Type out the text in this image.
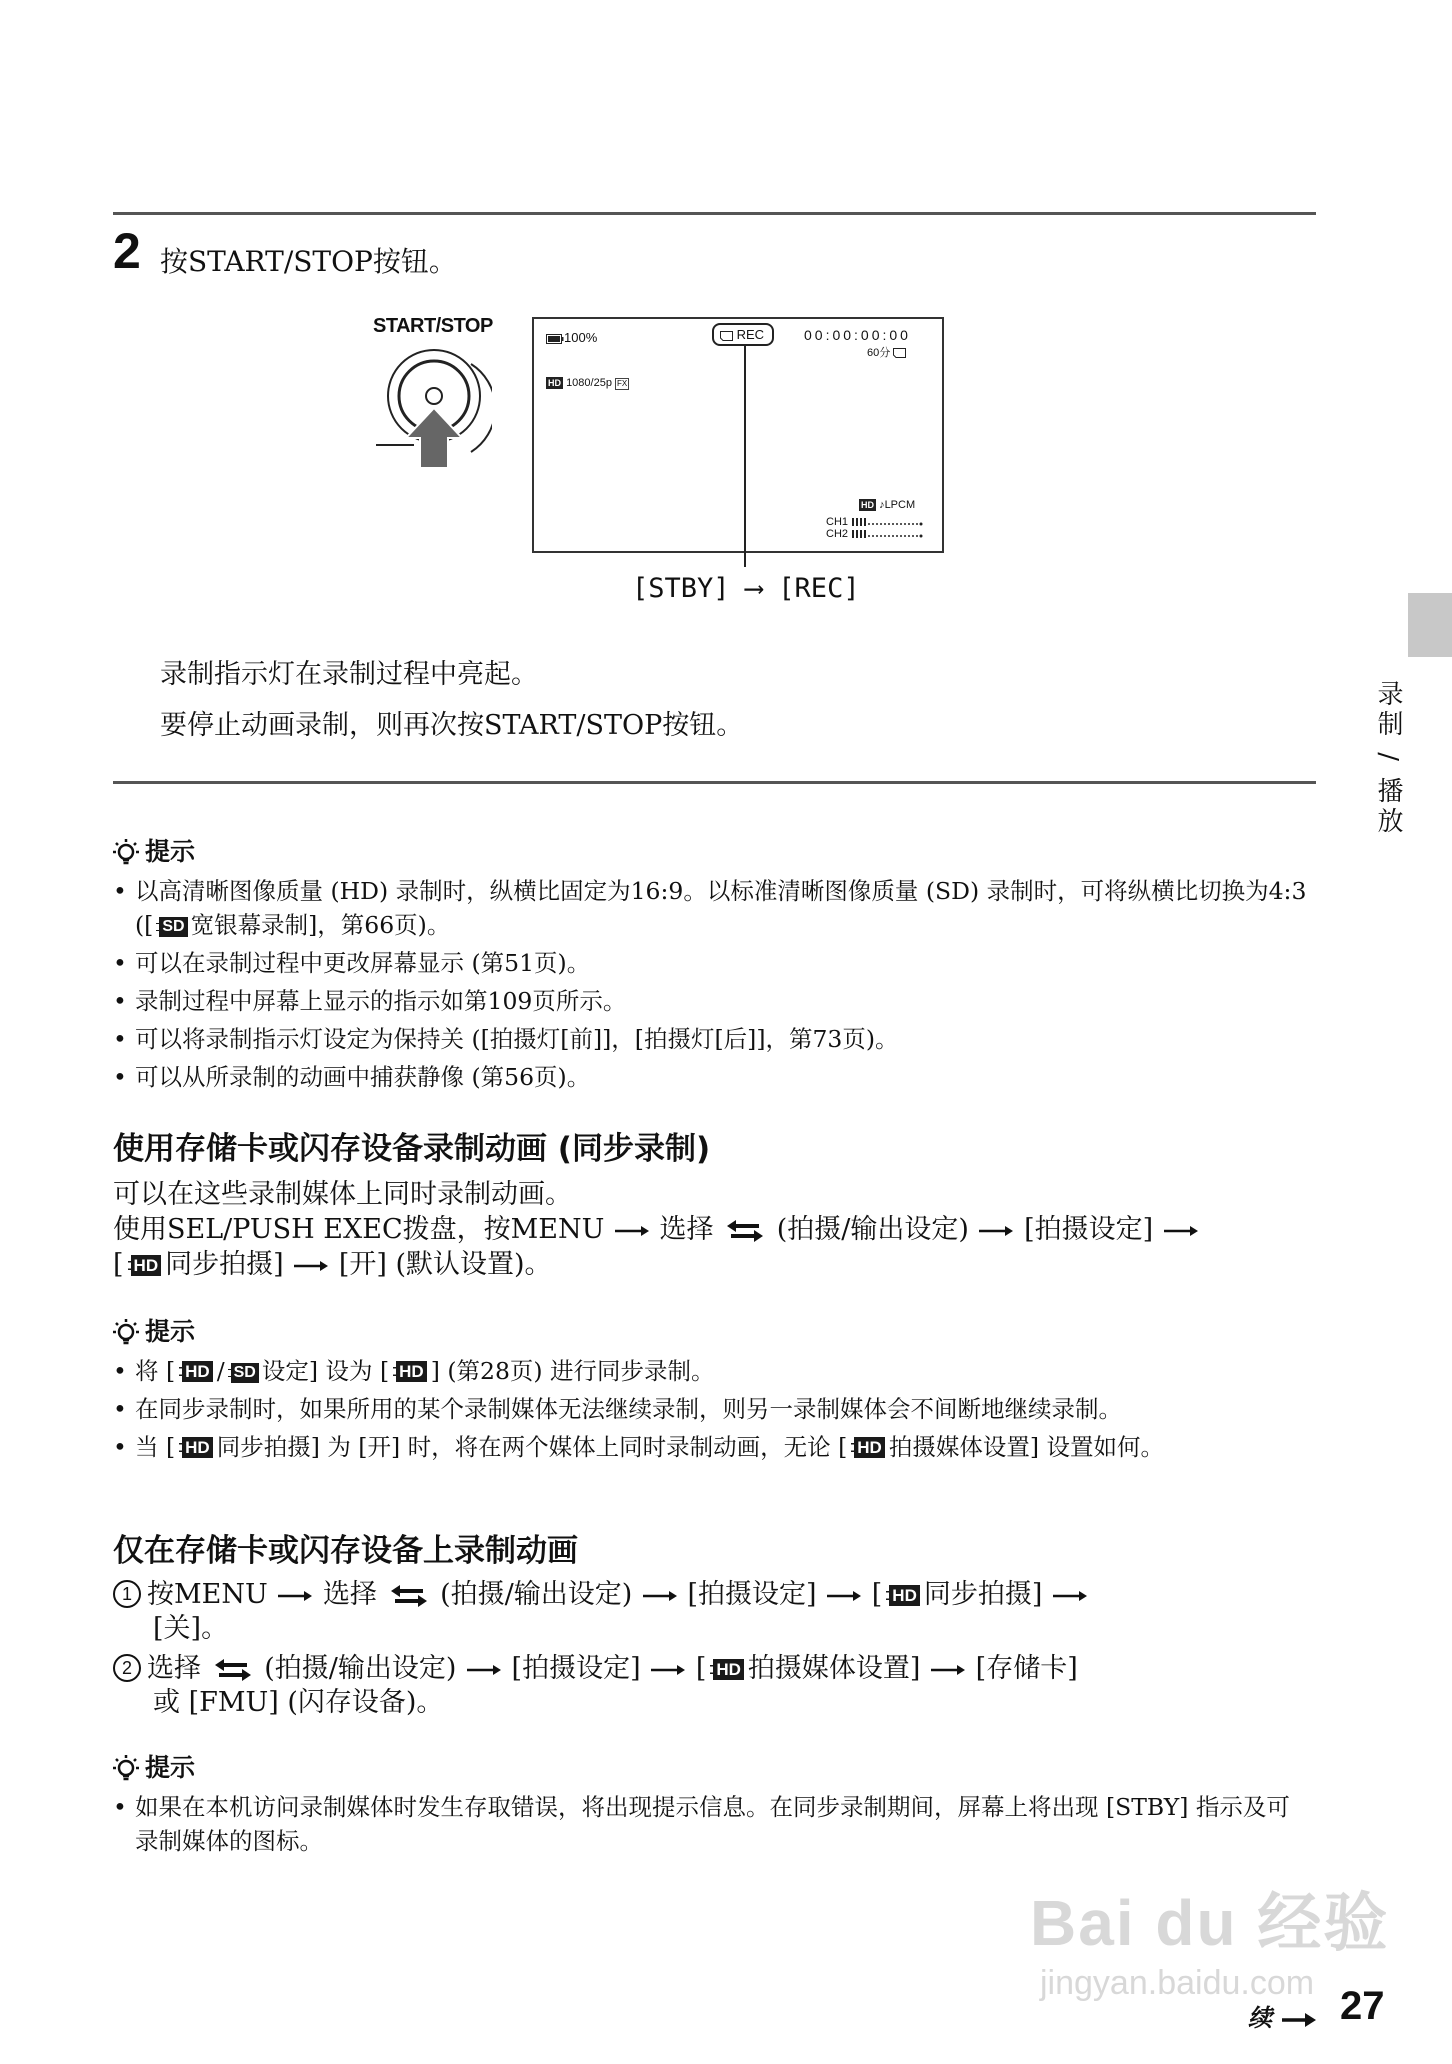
2 按START/STOP按钮。
START/STOP
100%	REC	00:00:00:00
60分
HD 1080/25p FX
HD ♪LPCM
CH1
CH2
[STBY] ⟶ [REC]
录制指示灯在录制过程中亮起。
要停止动画录制，则再次按START/STOP按钮。
提示
• 以高清晰图像质量 (HD) 录制时，纵横比固定为16:9。以标准清晰图像质量 (SD) 录制时，可将纵横比切换为4:3 ([ SD 宽银幕录制]，第66页)。
• 可以在录制过程中更改屏幕显示 (第51页)。
• 录制过程中屏幕上显示的指示如第109页所示。
• 可以将录制指示灯设定为保持关 ([拍摄灯[前]]，[拍摄灯[后]]，第73页)。
• 可以从所录制的动画中捕获静像 (第56页)。
使用存储卡或闪存设备录制动画 (同步录制)
可以在这些录制媒体上同时录制动画。
使用SEL/PUSH EXEC拨盘，按MENU 选择 (拍摄/输出设定) [拍摄设定]
[ HD 同步拍摄] [开] (默认设置)。
提示
• 将 [ HD / SD 设定] 设为 [ HD ] (第28页) 进行同步录制。
• 在同步录制时，如果所用的某个录制媒体无法继续录制，则另一录制媒体会不间断地继续录制。
• 当 [ HD 同步拍摄] 为 [开] 时，将在两个媒体上同时录制动画，无论 [ HD 拍摄媒体设置] 设置如何。
仅在存储卡或闪存设备上录制动画
1 按MENU 选择 (拍摄/输出设定) [拍摄设定] [ HD 同步拍摄]
[关]。
2 选择 (拍摄/输出设定) [拍摄设定] [ HD 拍摄媒体设置] [存储卡]
或 [FMU] (闪存设备)。
提示
• 如果在本机访问录制媒体时发生存取错误，将出现提示信息。在同步录制期间，屏幕上将出现 [STBY] 指示及可录制媒体的图标。
录制 / 播放
Bai du 经验
jingyan.baidu.com
续	27
